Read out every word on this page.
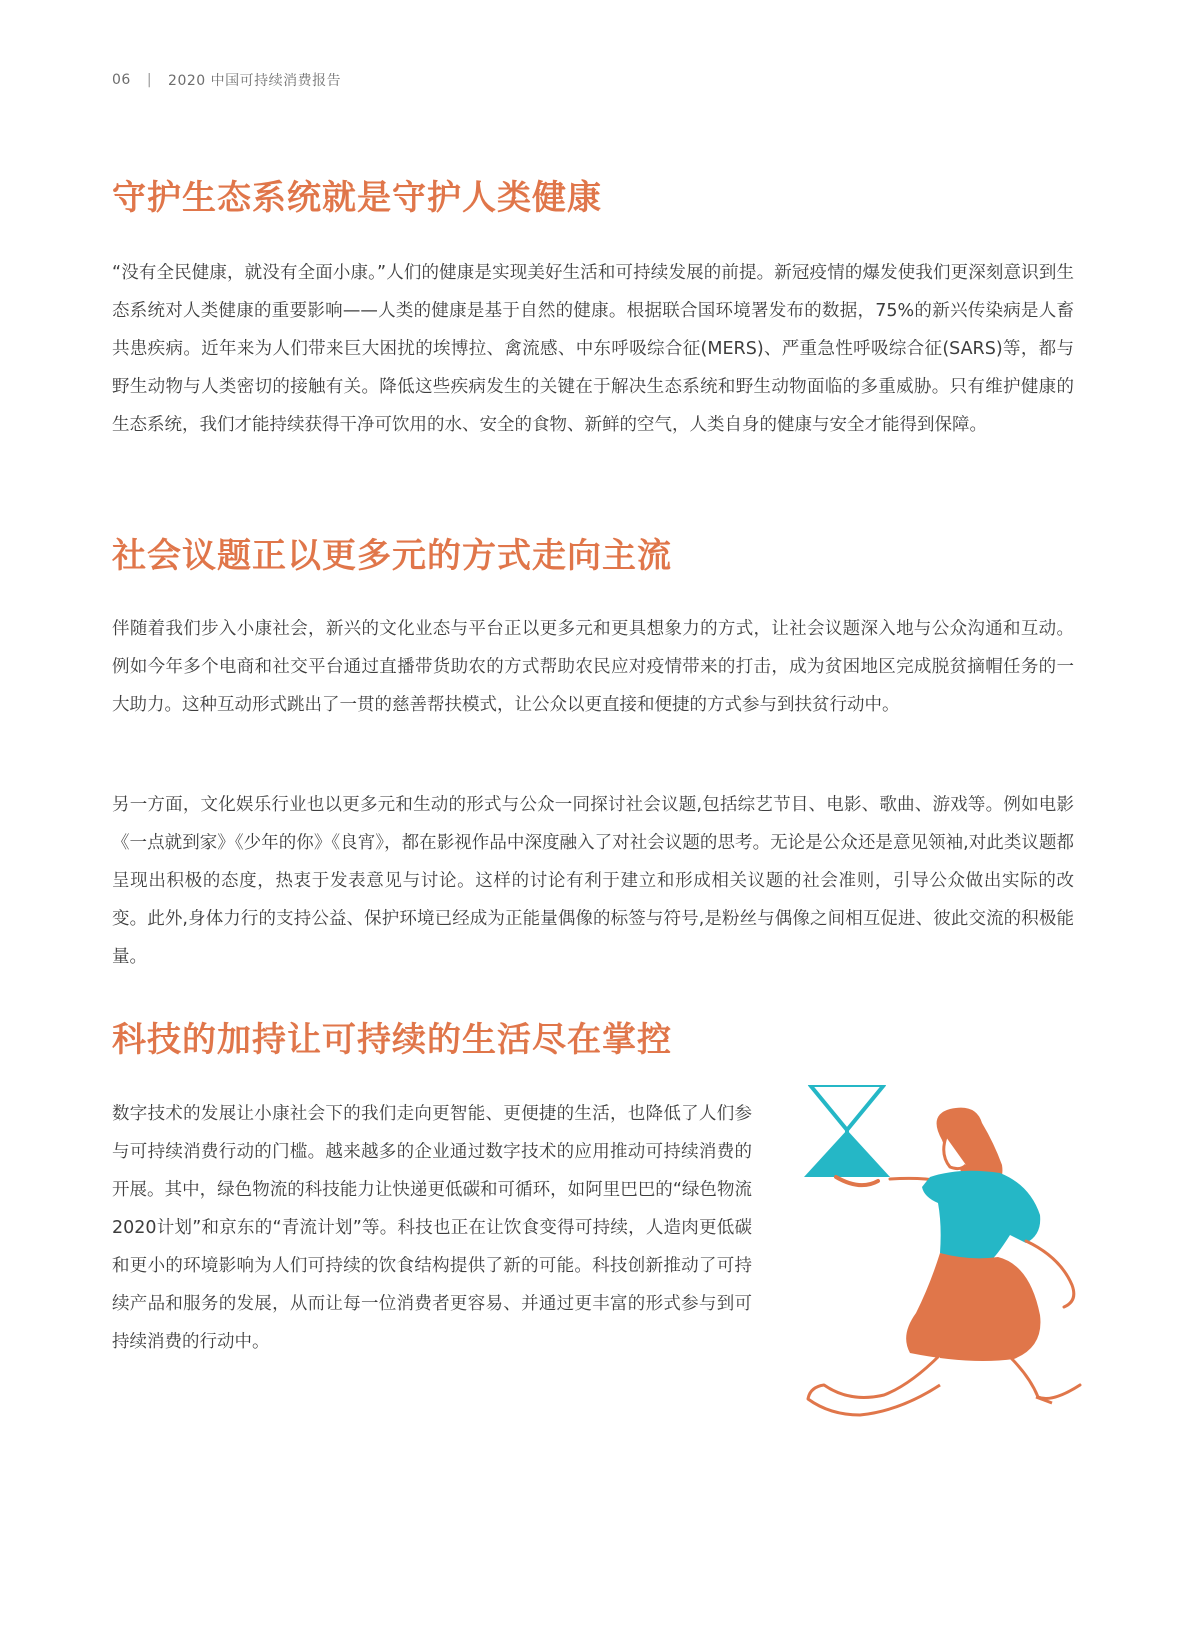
06 | 2020 中国可持续消费报告
守护生态系统就是守护人类健康

“没有全民健康，就没有全面小康。”人们的健康是实现美好生活和可持续发展的前提。新冠疫情的爆发使我们更深刻意识到生态系统对人类健康的重要影响——人类的健康是基于自然的健康。根据联合国环境署发布的数据，75%的新兴传染病是人畜共患疾病。近年来为人们带来巨大困扰的埃博拉、禽流感、中东呼吸综合征(MERS)、严重急性呼吸综合征(SARS)等，都与野生动物与人类密切的接触有关。降低这些疾病发生的关键在于解决生态系统和野生动物面临的多重威胁。只有维护健康的生态系统，我们才能持续获得干净可饮用的水、安全的食物、新鲜的空气，人类自身的健康与安全才能得到保障。

社会议题正以更多元的方式走向主流

伴随着我们步入小康社会，新兴的文化业态与平台正以更多元和更具想象力的方式，让社会议题深入地与公众沟通和互动。例如今年多个电商和社交平台通过直播带货助农的方式帮助农民应对疫情带来的打击，成为贫困地区完成脱贫摘帽任务的一大助力。这种互动形式跳出了一贯的慈善帮扶模式，让公众以更直接和便捷的方式参与到扶贫行动中。

另一方面，文化娱乐行业也以更多元和生动的形式与公众一同探讨社会议题,包括综艺节目、电影、歌曲、游戏等。例如电影《一点就到家》《少年的你》《良宵》，都在影视作品中深度融入了对社会议题的思考。无论是公众还是意见领袖,对此类议题都呈现出积极的态度，热衷于发表意见与讨论。这样的讨论有利于建立和形成相关议题的社会准则，引导公众做出实际的改变。此外,身体力行的支持公益、保护环境已经成为正能量偶像的标签与符号,是粉丝与偶像之间相互促进、彼此交流的积极能量。

科技的加持让可持续的生活尽在掌控

数字技术的发展让小康社会下的我们走向更智能、更便捷的生活，也降低了人们参与可持续消费行动的门槛。越来越多的企业通过数字技术的应用推动可持续消费的开展。其中，绿色物流的科技能力让快递更低碳和可循环，如阿里巴巴的“绿色物流2020计划”和京东的“青流计划”等。科技也正在让饮食变得可持续，人造肉更低碳和更小的环境影响为人们可持续的饮食结构提供了新的可能。科技创新推动了可持续产品和服务的发展，从而让每一位消费者更容易、并通过更丰富的形式参与到可持续消费的行动中。
